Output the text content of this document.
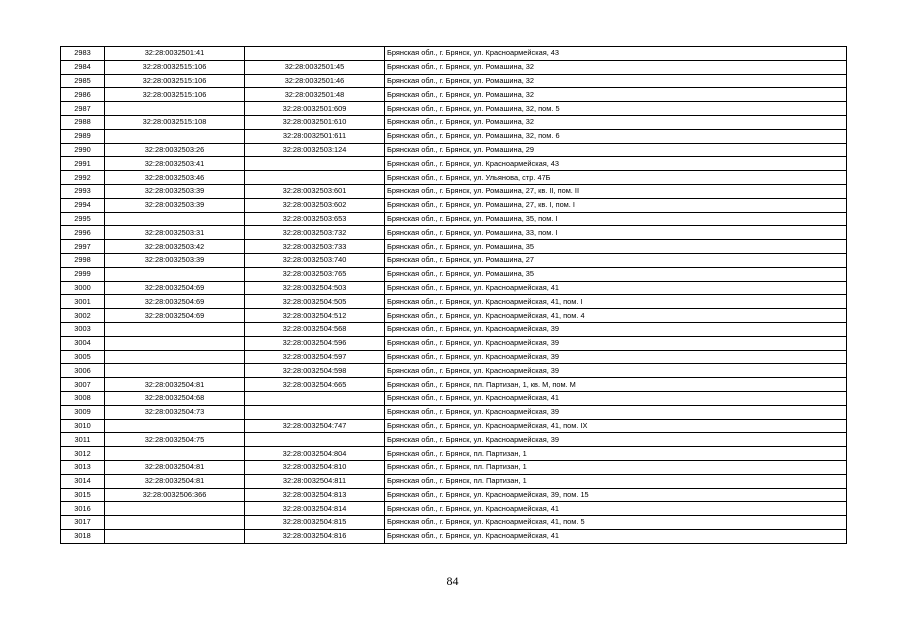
2983	32:28:0032501:41		Брянская обл., г. Брянск, ул. Красноармейская, 43
2984	32:28:0032515:106	32:28:0032501:45	Брянская обл., г. Брянск, ул. Ромашина, 32
2985	32:28:0032515:106	32:28:0032501:46	Брянская обл., г. Брянск, ул. Ромашина, 32
2986	32:28:0032515:106	32:28:0032501:48	Брянская обл., г. Брянск, ул. Ромашина, 32
2987		32:28:0032501:609	Брянская обл., г. Брянск, ул. Ромашина, 32, пом. 5
2988	32:28:0032515:108	32:28:0032501:610	Брянская обл., г. Брянск, ул. Ромашина, 32
2989		32:28:0032501:611	Брянская обл., г. Брянск, ул. Ромашина, 32, пом. 6
2990	32:28:0032503:26	32:28:0032503:124	Брянская обл., г. Брянск, ул. Ромашина, 29
2991	32:28:0032503:41		Брянская обл., г. Брянск, ул. Красноармейская, 43
2992	32:28:0032503:46		Брянская обл., г. Брянск, ул. Ульянова, стр. 47Б
2993	32:28:0032503:39	32:28:0032503:601	Брянская обл., г. Брянск, ул. Ромашина, 27, кв. II, пом. II
2994	32:28:0032503:39	32:28:0032503:602	Брянская обл., г. Брянск, ул. Ромашина, 27, кв. I, пом. I
2995		32:28:0032503:653	Брянская обл., г. Брянск, ул. Ромашина, 35, пом. I
2996	32:28:0032503:31	32:28:0032503:732	Брянская обл., г. Брянск, ул. Ромашина, 33, пом. I
2997	32:28:0032503:42	32:28:0032503:733	Брянская обл., г. Брянск, ул. Ромашина, 35
2998	32:28:0032503:39	32:28:0032503:740	Брянская обл., г. Брянск, ул. Ромашина, 27
2999		32:28:0032503:765	Брянская обл., г. Брянск, ул. Ромашина, 35
3000	32:28:0032504:69	32:28:0032504:503	Брянская обл., г. Брянск, ул. Красноармейская, 41
3001	32:28:0032504:69	32:28:0032504:505	Брянская обл., г. Брянск, ул. Красноармейская, 41, пом. I
3002	32:28:0032504:69	32:28:0032504:512	Брянская обл., г. Брянск, ул. Красноармейская, 41, пом. 4
3003		32:28:0032504:568	Брянская обл., г. Брянск, ул. Красноармейская, 39
3004		32:28:0032504:596	Брянская обл., г. Брянск, ул. Красноармейская, 39
3005		32:28:0032504:597	Брянская обл., г. Брянск, ул. Красноармейская, 39
3006		32:28:0032504:598	Брянская обл., г. Брянск, ул. Красноармейская, 39
3007	32:28:0032504:81	32:28:0032504:665	Брянская обл., г. Брянск, пл. Партизан, 1, кв. М, пом. М
3008	32:28:0032504:68		Брянская обл., г. Брянск, ул. Красноармейская, 41
3009	32:28:0032504:73		Брянская обл., г. Брянск, ул. Красноармейская, 39
3010		32:28:0032504:747	Брянская обл., г. Брянск, ул. Красноармейская, 41, пом. IX
3011	32:28:0032504:75		Брянская обл., г. Брянск, ул. Красноармейская, 39
3012		32:28:0032504:804	Брянская обл., г. Брянск, пл. Партизан, 1
3013	32:28:0032504:81	32:28:0032504:810	Брянская обл., г. Брянск, пл. Партизан, 1
3014	32:28:0032504:81	32:28:0032504:811	Брянская обл., г. Брянск, пл. Партизан, 1
3015	32:28:0032506:366	32:28:0032504:813	Брянская обл., г. Брянск, ул. Красноармейская, 39, пом. 15
3016		32:28:0032504:814	Брянская обл., г. Брянск, ул. Красноармейская, 41
3017		32:28:0032504:815	Брянская обл., г. Брянск, ул. Красноармейская, 41, пом. 5
3018		32:28:0032504:816	Брянская обл., г. Брянск, ул. Красноармейская, 41
84
